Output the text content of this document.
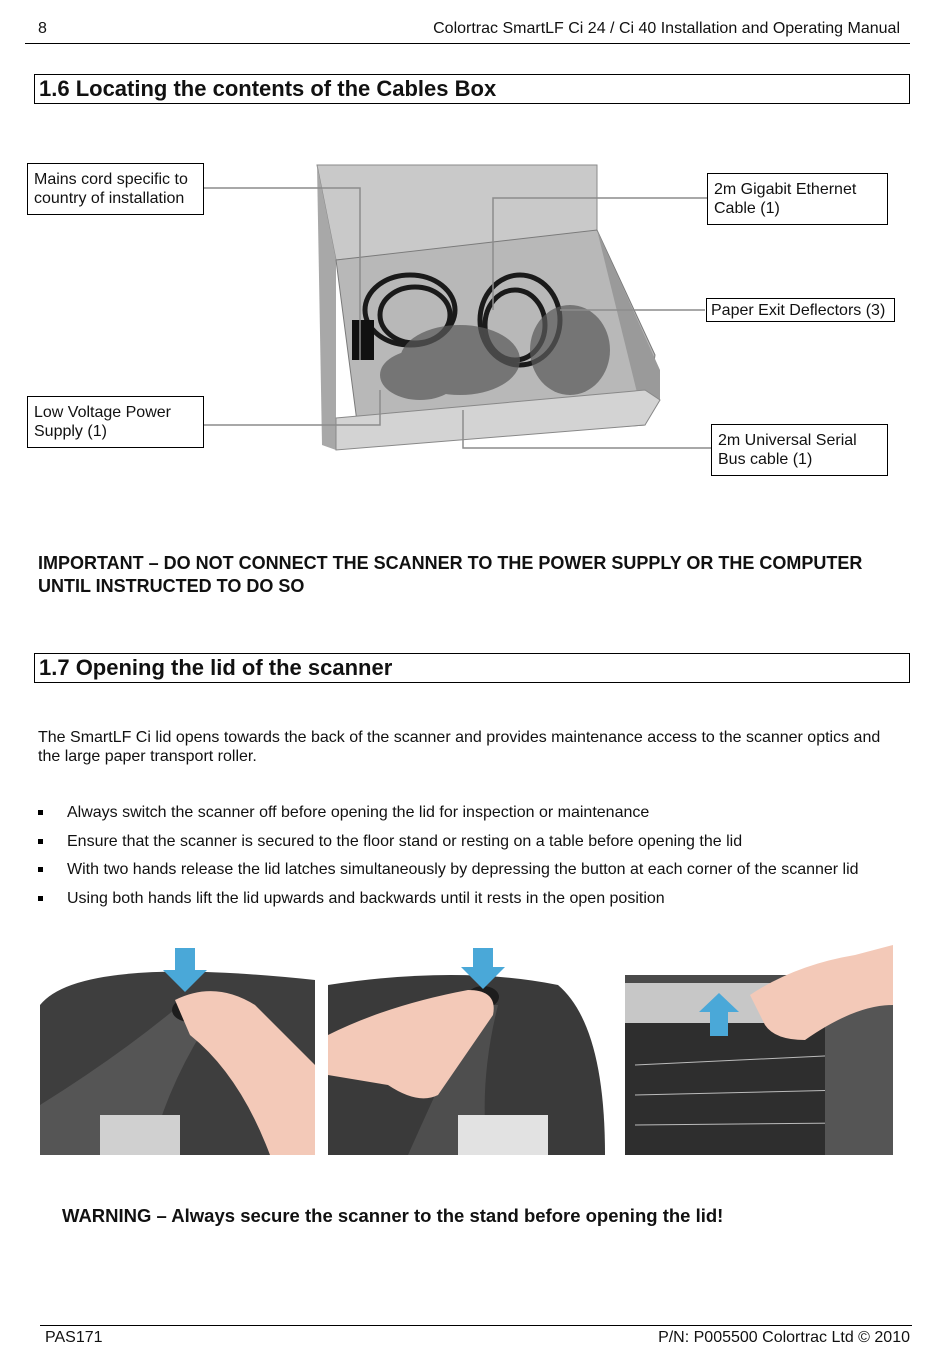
8	Colortrac SmartLF Ci 24 / Ci 40 Installation and Operating Manual
1.6 Locating the contents of the Cables Box
Mains cord specific to country of installation
2m Gigabit Ethernet Cable (1)
Paper Exit Deflectors (3)
Low Voltage Power Supply (1)
2m Universal Serial Bus cable (1)
IMPORTANT – DO NOT CONNECT THE SCANNER TO THE POWER SUPPLY OR THE COMPUTER UNTIL INSTRUCTED TO DO SO
1.7 Opening the lid of the scanner
The SmartLF Ci lid opens towards the back of the scanner and provides maintenance access to the scanner optics and the large paper transport roller.
Always switch the scanner off before opening the lid for inspection or maintenance
Ensure that the scanner is secured to the floor stand or resting on a table before opening the lid
With two hands release the lid latches simultaneously by depressing the button at each corner of the scanner lid
Using both hands lift the lid upwards and backwards until it rests in the open position
WARNING – Always secure the scanner to the stand before opening the lid!
PAS171	P/N: P005500 Colortrac Ltd © 2010
